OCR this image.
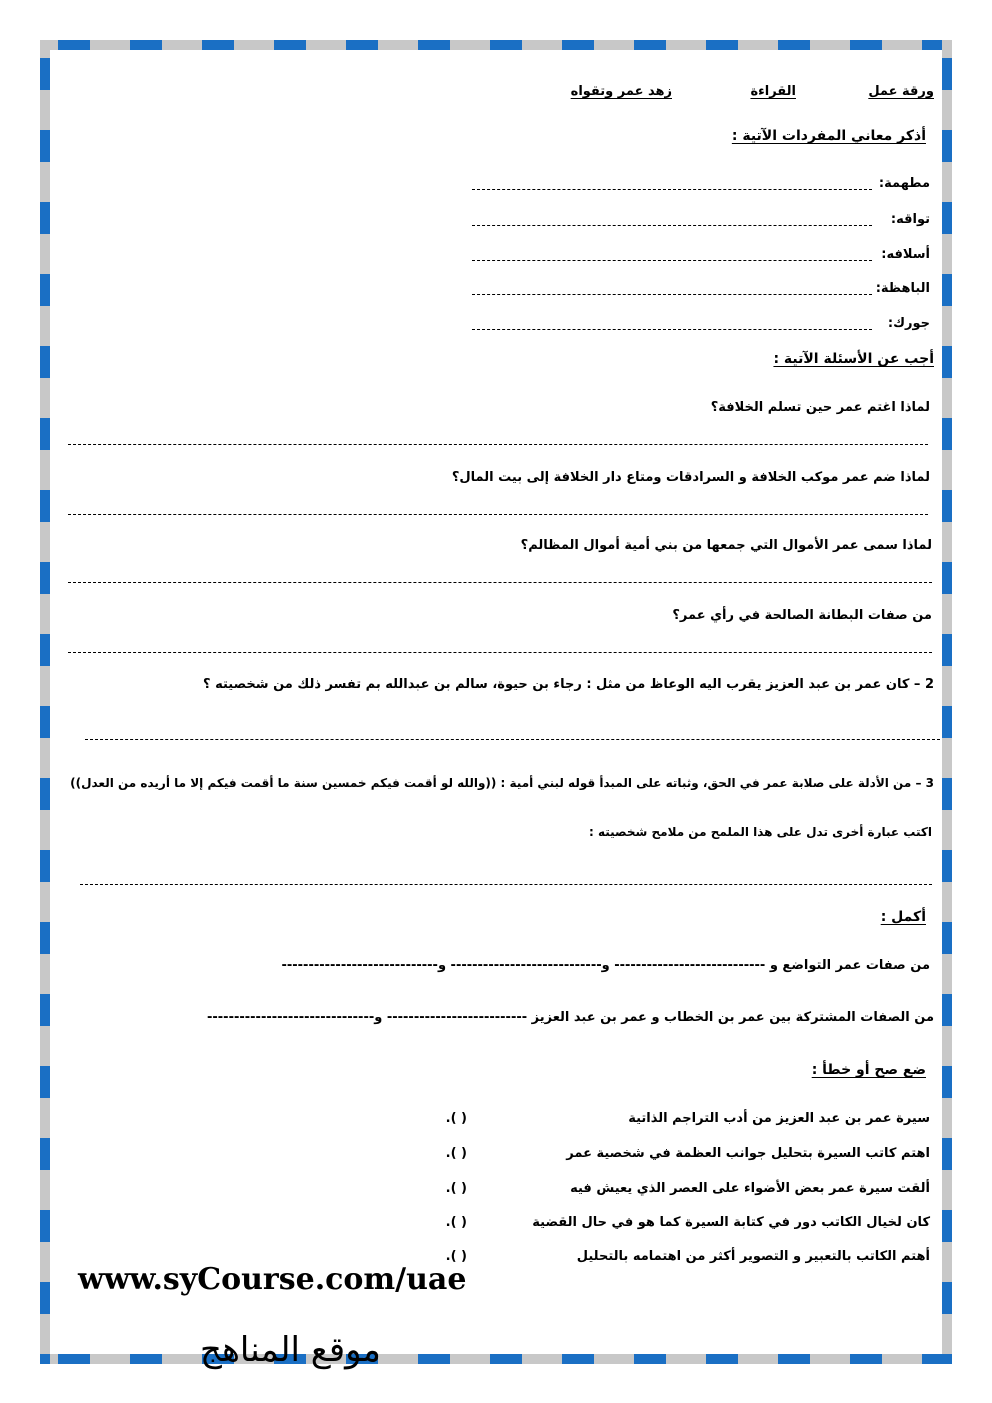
ورقة عمل
القراءة
زهد عمر وتقواه
أذكر معاني المفردات الآتية :
أجب عن الأسئلة الآتية :
لماذا اغتم عمر حين تسلم الخلافة؟
لماذا ضم عمر موكب الخلافة و السرادقات ومتاع دار الخلافة إلى بيت المال؟
لماذا سمى عمر الأموال التي جمعها من بني أمية أموال المظالم؟
من صفات البطانة الصالحة في رأي عمر؟
2 – كان عمر بن عبد العزيز يقرب اليه الوعاظ من مثل : رجاء بن حيوة، سالم بن عبدالله بم تفسر ذلك من شخصيته ؟
3 – من الأدلة على صلابة عمر في الحق، وثباته على المبدأ قوله لبني أمية : ((والله لو أقمت فيكم خمسين سنة ما أقمت فيكم إلا ما أريده من العدل))
اكتب عبارة أخرى تدل على هذا الملمح من ملامح شخصيته :
أكمل :
من صفات عمر التواضع و ---------------------------- و---------------------------- و-----------------------------
من الصفات المشتركة بين عمر بن الخطاب و عمر بن عبد العزيز -------------------------- و-------------------------------
ضع صح أو خطأ :
www.syCourse.com/uae
موقع المناهج
مطهمة:
تواقه:
أسلافه:
الباهظة:
جورك:
سيرة عمر بن عبد العزيز من أدب التراجم الذاتية
( ).
اهتم كاتب السيرة بتحليل جوانب العظمة في شخصية عمر
( ).
ألقت سيرة عمر بعض الأضواء على العصر الذي يعيش فيه
( ).
كان لخيال الكاتب دور في كتابة السيرة كما هو في حال القضية
( ).
أهتم الكاتب بالتعبير و التصوير أكثر من اهتمامه بالتحليل
( ).
